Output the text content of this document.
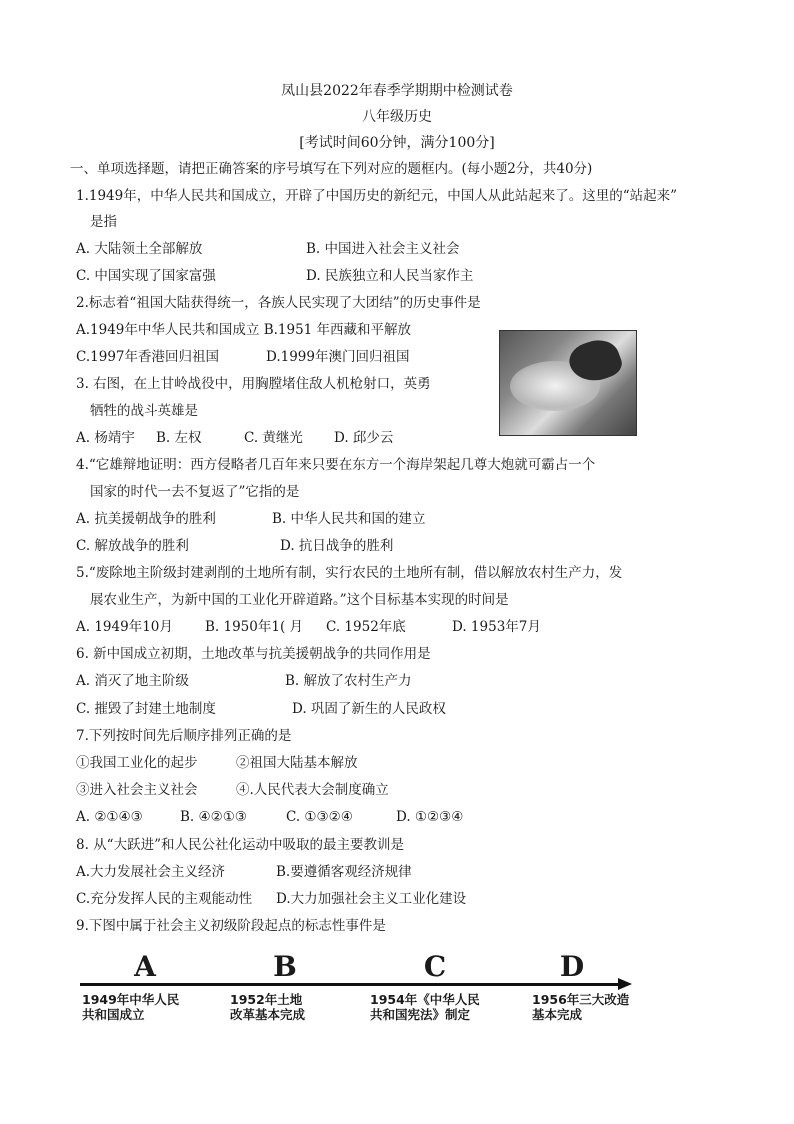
凤山县2022年春季学期期中检测试卷
八年级历史
[考试时间60分钟，满分100分]
一、单项选择题，请把正确答案的序号填写在下列对应的题框内。(每小题2分，共40分)
1.1949年，中华人民共和国成立，开辟了中国历史的新纪元，中国人从此站起来了。这里的“站起来”
是指
A. 大陆领土全部解放	B. 中国进入社会主义社会
C. 中国实现了国家富强	D. 民族独立和人民当家作主
2.标志着“祖国大陆获得统一，各族人民实现了大团结”的历史事件是
A.1949年中华人民共和国成立 B.1951 年西藏和平解放
C.1997年香港回归祖国	D.1999年澳门回归祖国
3. 右图，在上甘岭战役中，用胸膛堵住敌人机枪射口，英勇
牺牲的战斗英雄是
A. 杨靖宇 B. 左权	C. 黄继光 D. 邱少云
4.“它雄辩地证明：西方侵略者几百年来只要在东方一个海岸架起几尊大炮就可霸占一个
国家的时代一去不复返了”它指的是
A. 抗美援朝战争的胜利	B. 中华人民共和国的建立
C. 解放战争的胜利	D. 抗日战争的胜利
5.“废除地主阶级封建剥削的土地所有制，实行农民的土地所有制，借以解放农村生产力，发
展农业生产，为新中国的工业化开辟道路。”这个目标基本实现的时间是
A. 1949年10月 B. 1950年1( 月 C. 1952年底	D. 1953年7月
6. 新中国成立初期，土地改革与抗美援朝战争的共同作用是
A. 消灭了地主阶级	B. 解放了农村生产力
C. 摧毁了封建土地制度	D. 巩固了新生的人民政权
7.下列按时间先后顺序排列正确的是
①我国工业化的起步	②祖国大陆基本解放
③进入社会主义社会	④.人民代表大会制度确立
A. ②①④③	B. ④②①③	C. ①③②④	D. ①②③④
8. 从“大跃进”和人民公社化运动中吸取的最主要教训是
A.大力发展社会主义经济	B.要遵循客观经济规律
C.充分发挥人民的主观能动性 D.大力加强社会主义工业化建设
9.下图中属于社会主义初级阶段起点的标志性事件是
A	B	C	D
1949年中华人民
共和国成立
1952年土地
改革基本完成
1954年《中华人民
共和国宪法》制定
1956年三大改造
基本完成
